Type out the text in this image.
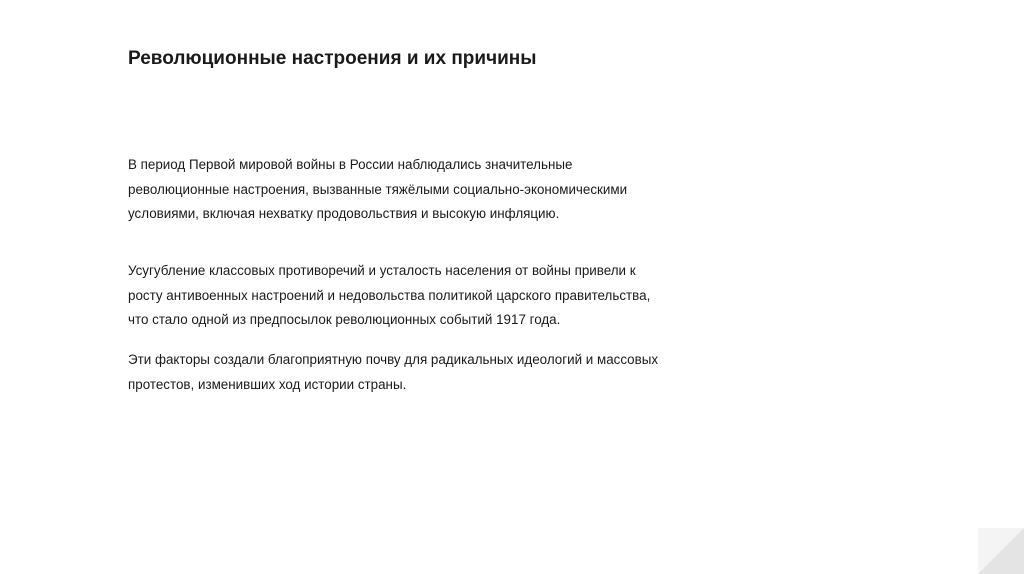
Революционные настроения и их причины

В период Первой мировой войны в России наблюдались значительные
революционные настроения, вызванные тяжёлыми социально-экономическими
условиями, включая нехватку продовольствия и высокую инфляцию.

Усугубление классовых противоречий и усталость населения от войны привели к
росту антивоенных настроений и недовольства политикой царского правительства,
что стало одной из предпосылок революционных событий 1917 года.

Эти факторы создали благоприятную почву для радикальных идеологий и массовых
протестов, изменивших ход истории страны.
